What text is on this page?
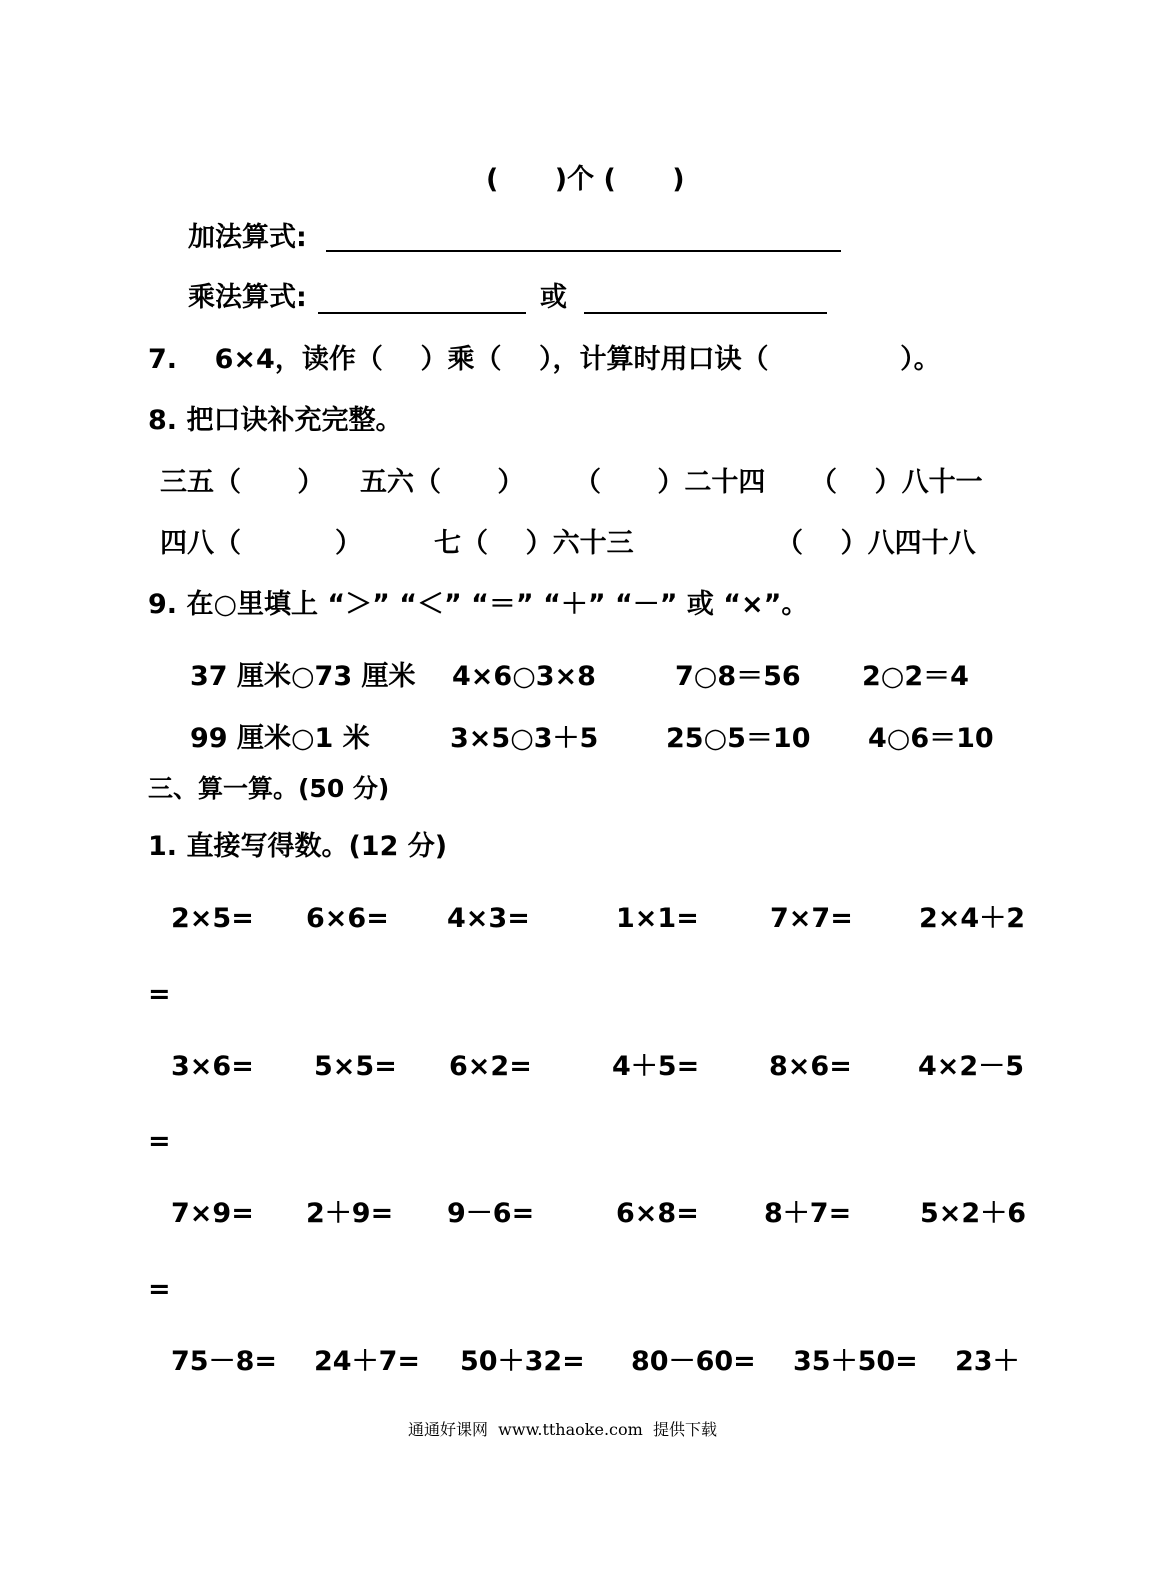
(      )个 (      )
加法算式:
乘法算式:	或
7.    6×4，读作（    ）乘（    ），计算时用口诀（              ）。
8. 把口诀补充完整。
三五（      ） 五六（      ） （      ）二十四 （    ）八十一
四八（          ）	七（    ）六十三	（    ）八四十八
9. 在○里填上 “＞” “＜” “＝” “＋” “－” 或 “×”。
37 厘米○73 厘米 4×6○3×8	7○8＝56 2○2＝4
99 厘米○1 米	3×5○3＋5	25○5＝10 4○6＝10
三、算一算。(50 分)
1. 直接写得数。(12 分)
2×5= 6×6= 4×3=	1×1=	7×7= 2×4＋2
=
3×6= 5×5= 6×2=	4＋5=	8×6= 4×2－5
=
7×9= 2＋9= 9－6=	6×8= 8＋7=	5×2＋6
=
75－8= 24＋7= 50＋32= 80－60= 35＋50= 23＋
通通好课网  www.tthaoke.com  提供下载
